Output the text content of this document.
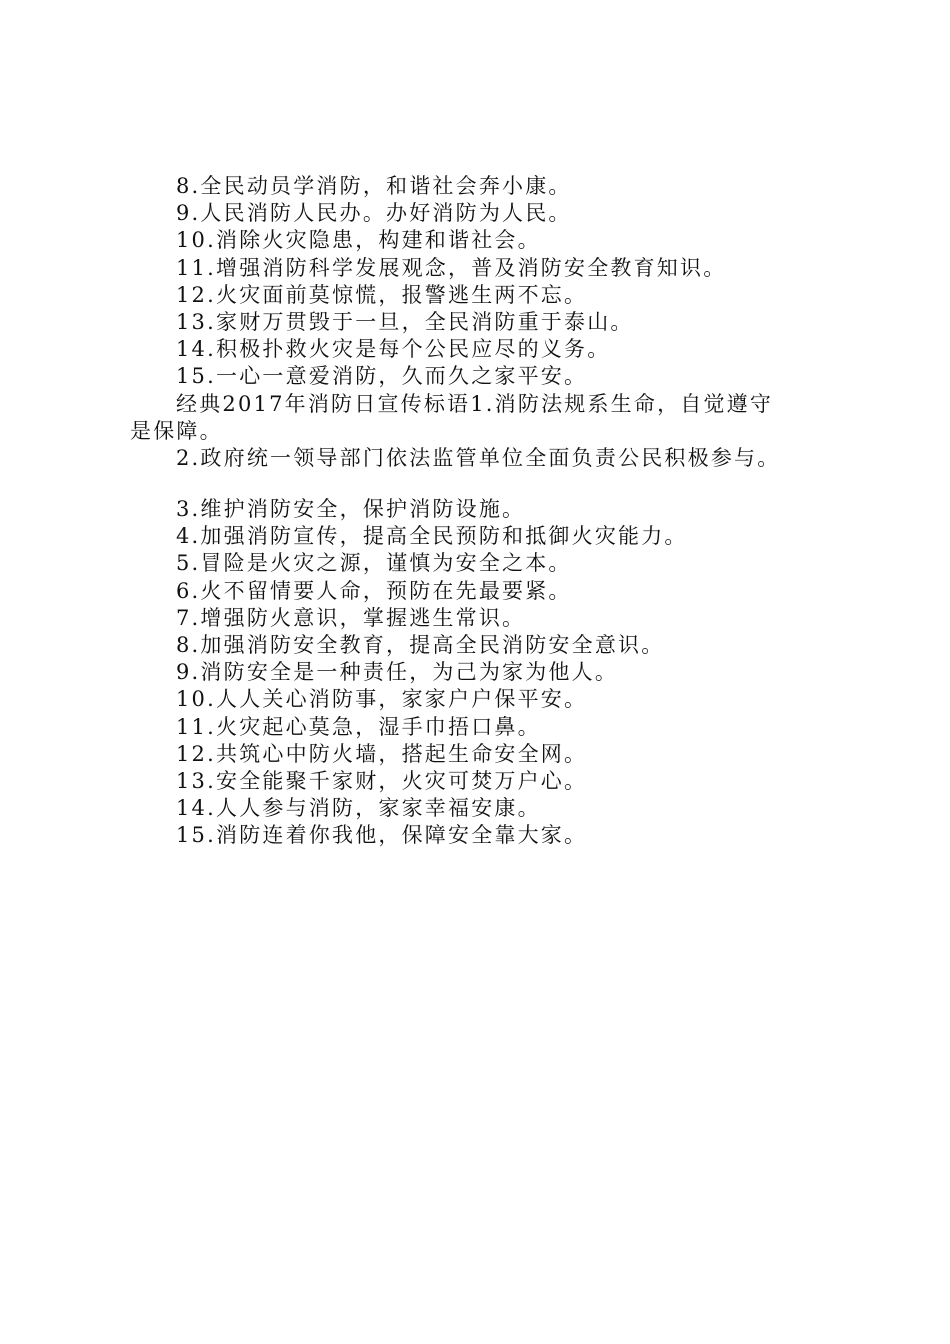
8.全民动员学消防，和谐社会奔小康。
9.人民消防人民办。办好消防为人民。
10.消除火灾隐患，构建和谐社会。
11.增强消防科学发展观念，普及消防安全教育知识。
12.火灾面前莫惊慌，报警逃生两不忘。
13.家财万贯毁于一旦，全民消防重于泰山。
14.积极扑救火灾是每个公民应尽的义务。
15.一心一意爱消防，久而久之家平安。
经典2017年消防日宣传标语1.消防法规系生命，自觉遵守
是保障。
2.政府统一领导部门依法监管单位全面负责公民积极参与。
3.维护消防安全，保护消防设施。
4.加强消防宣传，提高全民预防和抵御火灾能力。
5.冒险是火灾之源，谨慎为安全之本。
6.火不留情要人命，预防在先最要紧。
7.增强防火意识，掌握逃生常识。
8.加强消防安全教育，提高全民消防安全意识。
9.消防安全是一种责任，为己为家为他人。
10.人人关心消防事，家家户户保平安。
11.火灾起心莫急，湿手巾捂口鼻。
12.共筑心中防火墙，搭起生命安全网。
13.安全能聚千家财，火灾可焚万户心。
14.人人参与消防，家家幸福安康。
15.消防连着你我他，保障安全靠大家。
